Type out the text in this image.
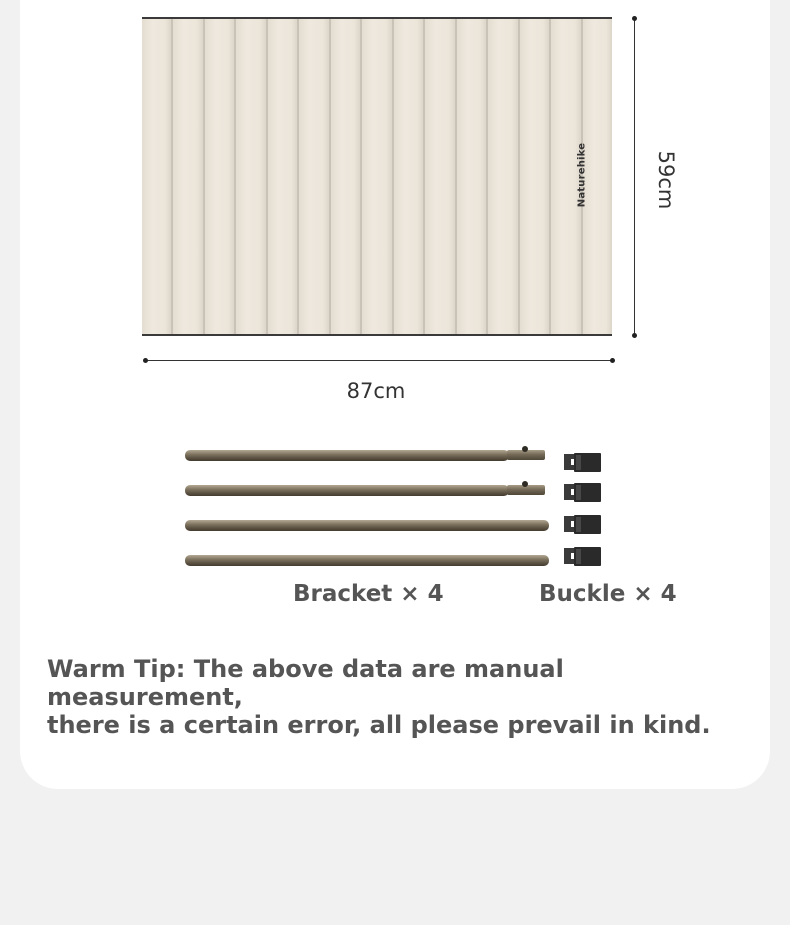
Naturehike	59cm
87cm
Bracket × 4	Buckle × 4
Warm Tip: The above data are manual measurement,
there is a certain error, all please prevail in kind.
